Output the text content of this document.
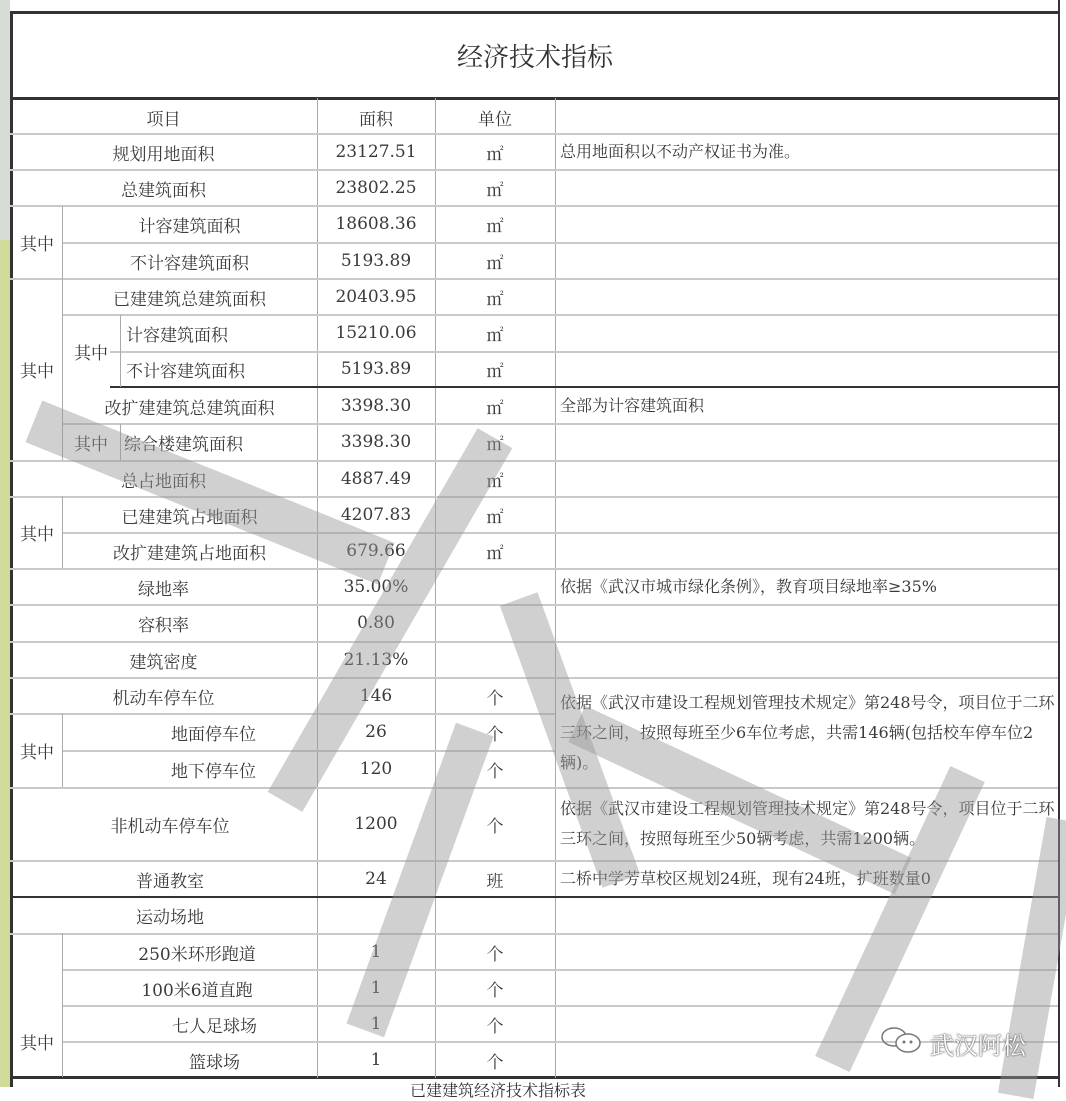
经济技术指标
项目	面积	单位
其中
其中
其中
其中
其中
其中
其中
规划用地面积
总建筑面积
计容建筑面积
不计容建筑面积
已建建筑总建筑面积
计容建筑面积
不计容建筑面积
改扩建建筑总建筑面积
综合楼建筑面积
总占地面积
已建建筑占地面积
改扩建建筑占地面积
绿地率
容积率
建筑密度
机动车停车位
地面停车位
地下停车位
非机动车停车位
普通教室
运动场地
250米环形跑道
100米6道直跑
七人足球场
篮球场
23127.51
23802.25
18608.36
5193.89
20403.95
15210.06
5193.89
3398.30
3398.30
4887.49
4207.83
679.66
35.00%
0.80
21.13%
146
26
120
1200
24
1
1
1
1
㎡
㎡
㎡
㎡
㎡
㎡
㎡
㎡
㎡
㎡
㎡
㎡
个
个
个
个
班
个
个
个
个
总用地面积以不动产权证书为准。
全部为计容建筑面积
依据《武汉市城市绿化条例》，教育项目绿地率≥35%
依据《武汉市建设工程规划管理技术规定》第248号令，项目位于二环三环之间，按照每班至少6车位考虑，共需146辆(包括校车停车位2辆)。
依据《武汉市建设工程规划管理技术规定》第248号令，项目位于二环三环之间，按照每班至少50辆考虑，共需1200辆。
二桥中学芳草校区规划24班，现有24班，扩班数量0
武汉阿松
已建建筑经济技术指标表
